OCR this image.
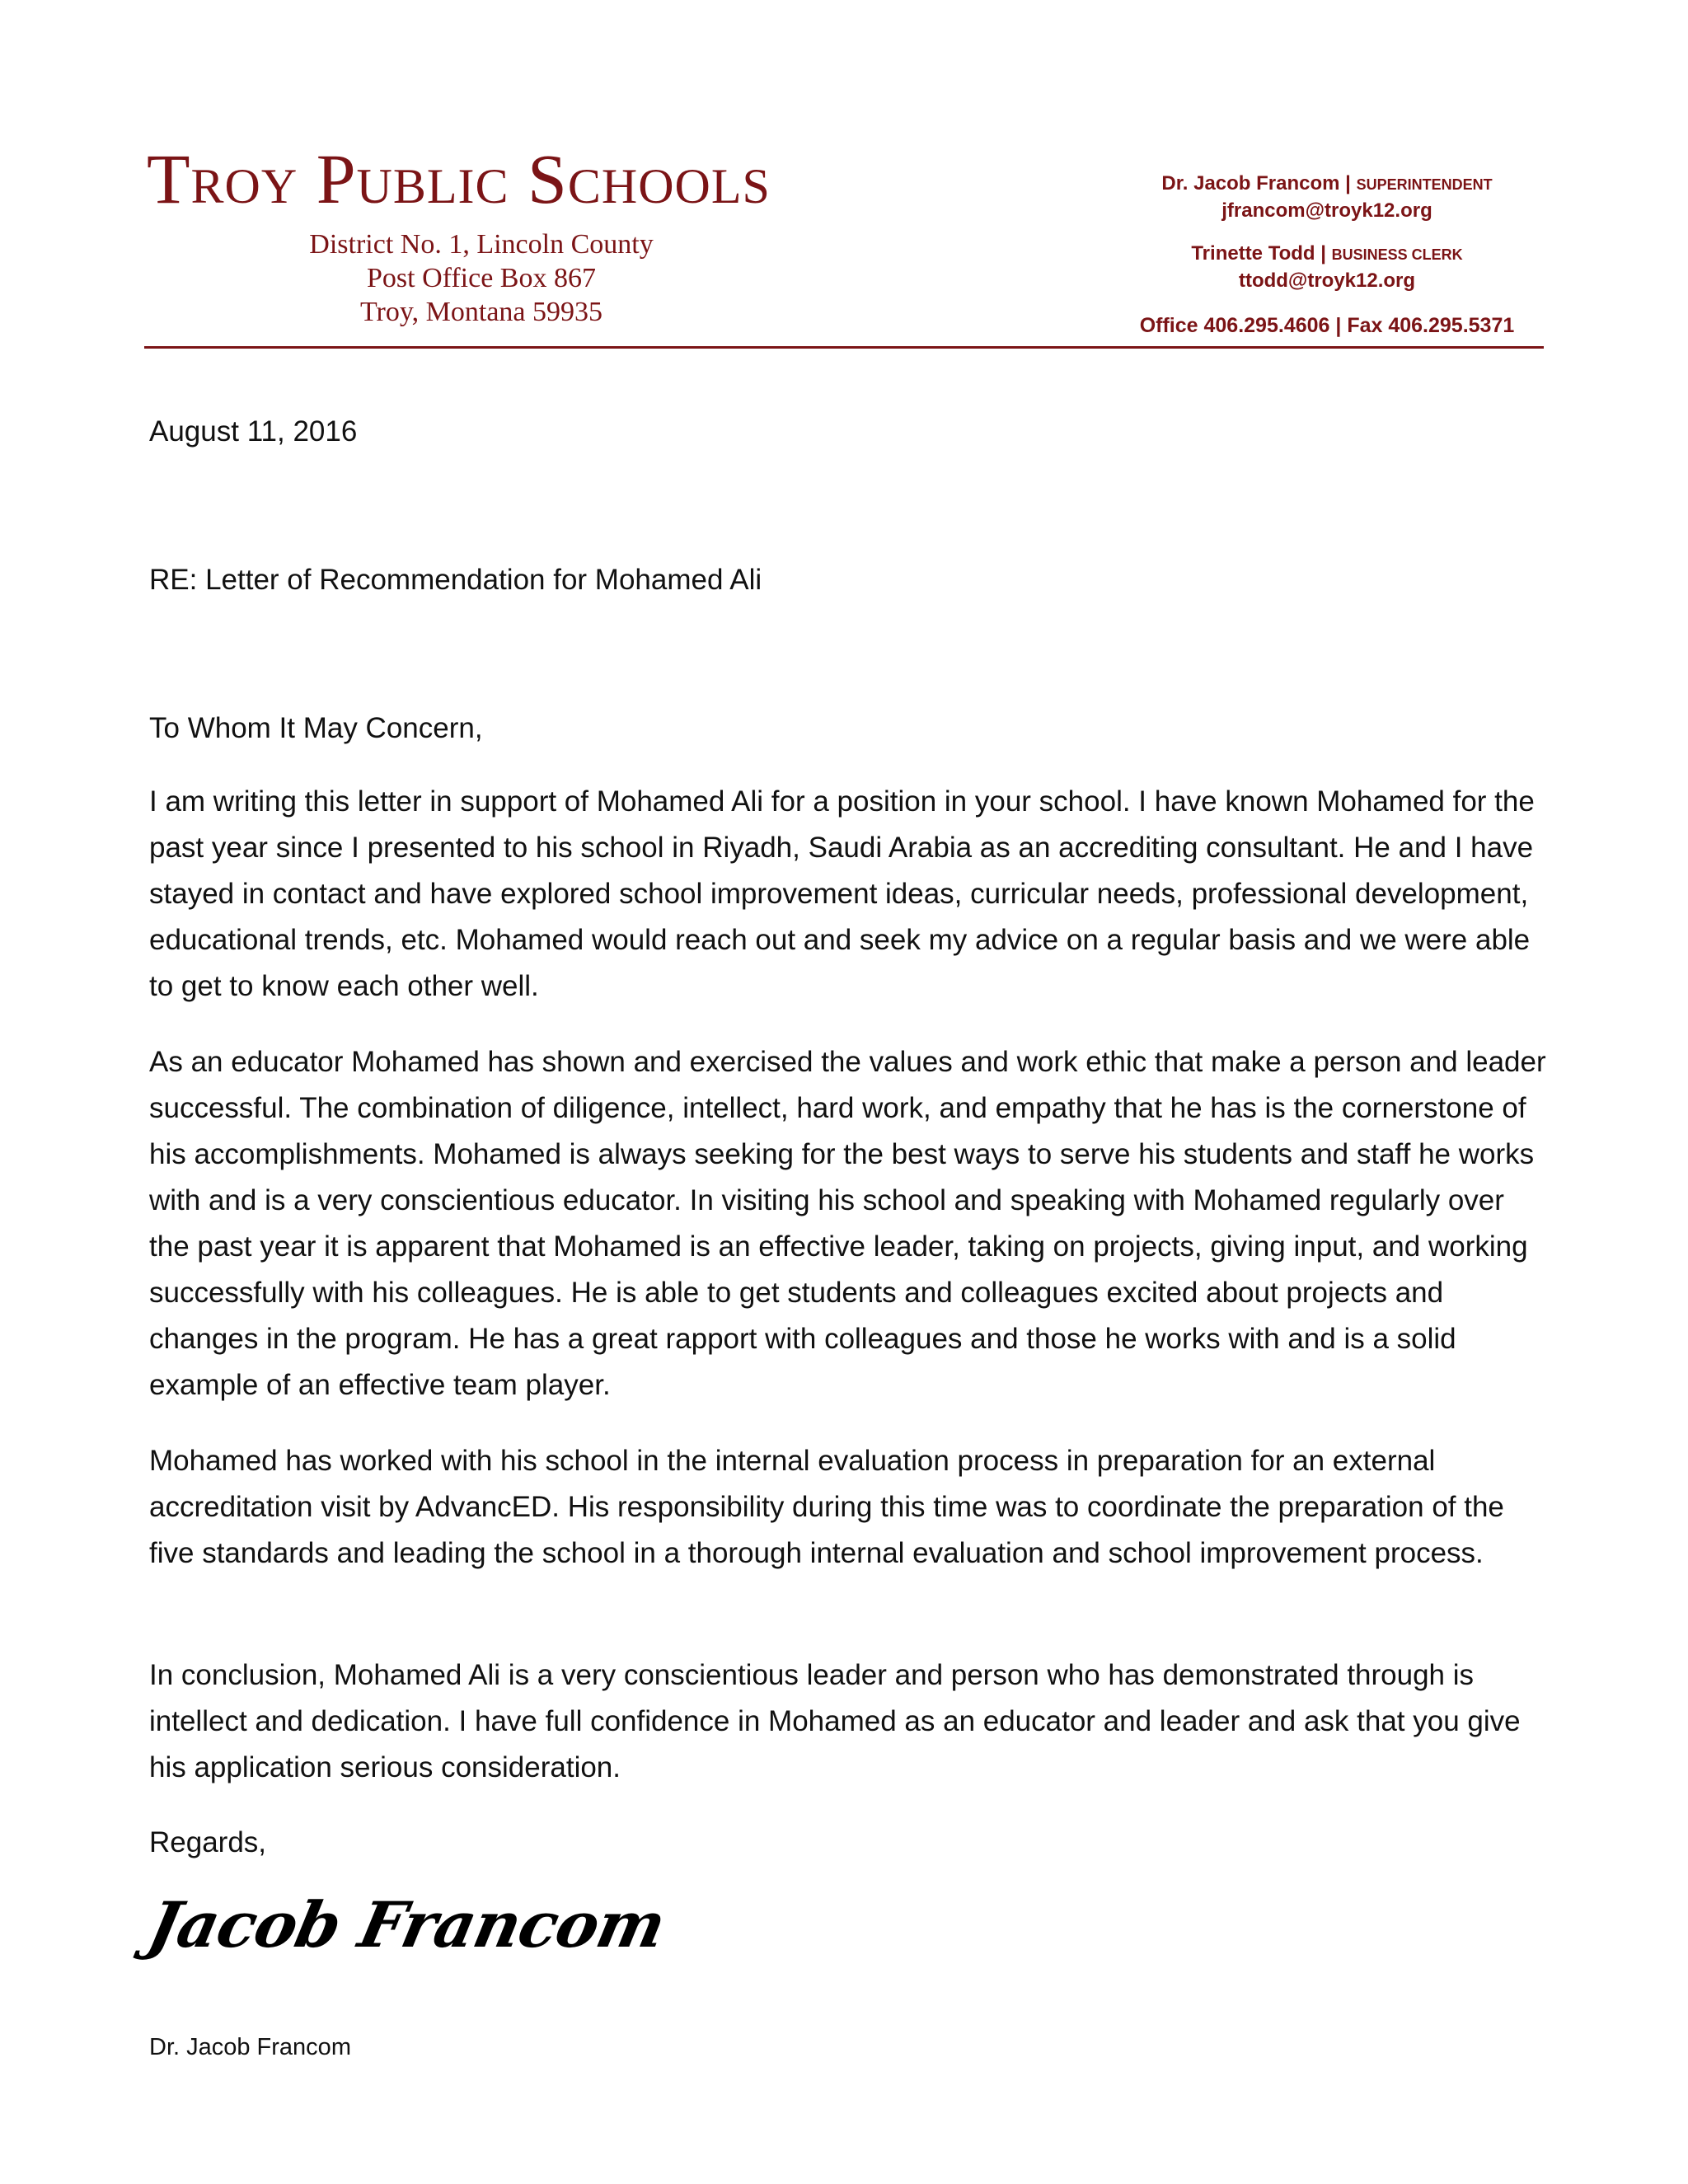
Troy Public Schools
District No. 1, Lincoln County
Post Office Box 867
Troy, Montana 59935
Dr. Jacob Francom | SUPERINTENDENT
jfrancom@troyk12.org
Trinette Todd | BUSINESS CLERK
ttodd@troyk12.org
Office 406.295.4606 | Fax 406.295.5371
August 11, 2016
RE: Letter of Recommendation for Mohamed Ali
To Whom It May Concern,

I am writing this letter in support of Mohamed Ali for a position in your school. I have known Mohamed for the past year since I presented to his school in Riyadh, Saudi Arabia as an accrediting consultant. He and I have stayed in contact and have explored school improvement ideas, curricular needs, professional development, educational trends, etc. Mohamed would reach out and seek my advice on a regular basis and we were able to get to know each other well.

As an educator Mohamed has shown and exercised the values and work ethic that make a person and leader successful. The combination of diligence, intellect, hard work, and empathy that he has is the cornerstone of his accomplishments. Mohamed is always seeking for the best ways to serve his students and staff he works with and is a very conscientious educator. In visiting his school and speaking with Mohamed regularly over the past year it is apparent that Mohamed is an effective leader, taking on projects, giving input, and working successfully with his colleagues. He is able to get students and colleagues excited about projects and changes in the program. He has a great rapport with colleagues and those he works with and is a solid example of an effective team player.

Mohamed has worked with his school in the internal evaluation process in preparation for an external accreditation visit by AdvancED. His responsibility during this time was to coordinate the preparation of the five standards and leading the school in a thorough internal evaluation and school improvement process.

In conclusion, Mohamed Ali is a very conscientious leader and person who has demonstrated through is intellect and dedication. I have full confidence in Mohamed as an educator and leader and ask that you give his application serious consideration.

Regards,
Jacob Francom
Dr. Jacob Francom
